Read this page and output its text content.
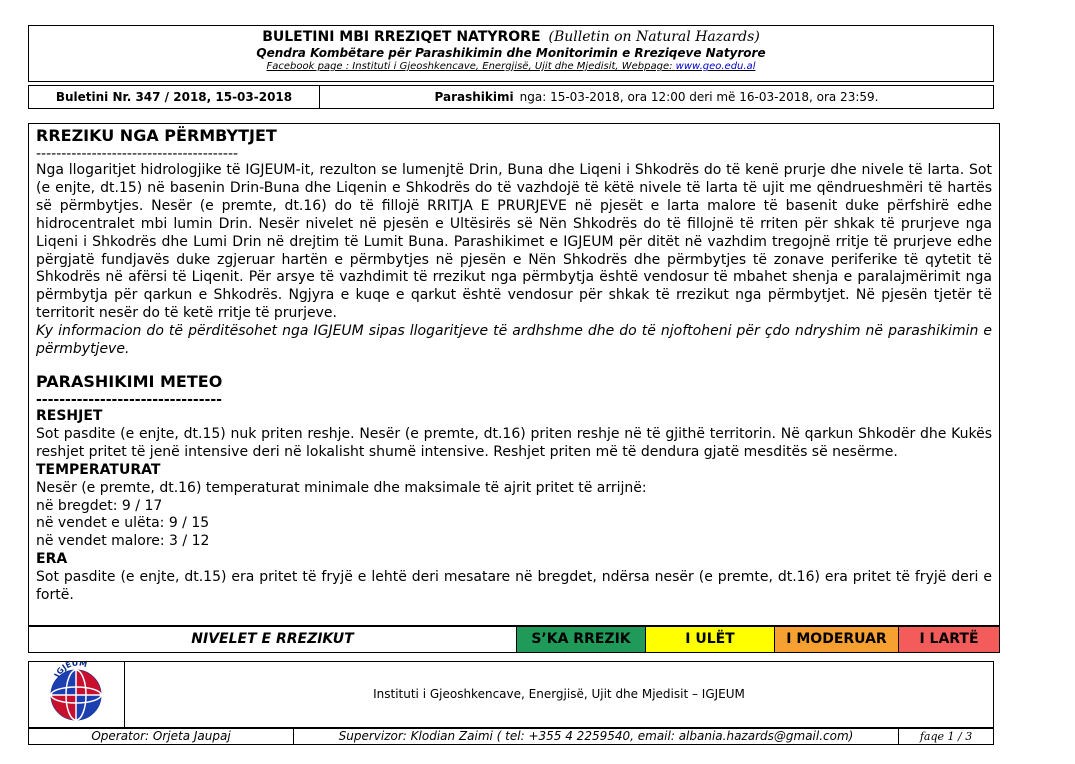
BULETINI MBI RREZIQET NATYRORE (Bulletin on Natural Hazards)
Qendra Kombëtare për Parashikimin dhe Monitorimin e Rreziqeve Natyrore
Facebook page : Instituti i Gjeoshkencave, Energjisë, Ujit dhe Mjedisit, Webpage: www.geo.edu.al
Buletini Nr. 347 / 2018, 15-03-2018	Parashikimi nga: 15-03-2018, ora 12:00 deri më 16-03-2018, ora 23:59.

RREZIKU NGA PËRMBYTJET

----------------------------------------

Nga llogaritjet hidrologjike të IGJEUM-it, rezulton se lumenjtë Drin, Buna dhe Liqeni i Shkodrës do të kenë prurje dhe nivele të larta. Sot (e enjte, dt.15) në basenin Drin-Buna dhe Liqenin e Shkodrës do të vazhdojë të këtë nivele të larta të ujit me qëndrueshmëri të hartës së përmbytjes. Nesër (e premte, dt.16) do të fillojë RRITJA E PRURJEVE në pjesët e larta malore të basenit duke përfshirë edhe hidrocentralet mbi lumin Drin. Nesër nivelet në pjesën e Ultësirës së Nën Shkodrës do të fillojnë të rriten për shkak të prurjeve nga Liqeni i Shkodrës dhe Lumi Drin në drejtim të Lumit Buna. Parashikimet e IGJEUM për ditët në vazhdim tregojnë rritje të prurjeve edhe përgjatë fundjavës duke zgjeruar hartën e përmbytjes në pjesën e Nën Shkodrës dhe përmbytjes të zonave periferike të qytetit të Shkodrës në afërsi të Liqenit. Për arsye të vazhdimit të rrezikut nga përmbytja është vendosur të mbahet shenja e paralajmërimit nga përmbytja për qarkun e Shkodrës. Ngjyra e kuqe e qarkut është vendosur për shkak të rrezikut nga përmbytjet. Në pjesën tjetër të territorit nesër do të ketë rritje të prurjeve.

Ky informacion do të përditësohet nga IGJEUM sipas llogaritjeve të ardhshme dhe do të njoftoheni për çdo ndryshim në parashikimin e përmbytjeve.

PARASHIKIMI METEO

--------------------------------

RESHJET

Sot pasdite (e enjte, dt.15) nuk priten reshje. Nesër (e premte, dt.16) priten reshje në të gjithë territorin. Në qarkun Shkodër dhe Kukës reshjet pritet të jenë intensive deri në lokalisht shumë intensive. Reshjet priten më të dendura gjatë mesditës së nesërme.

TEMPERATURAT

Nesër (e premte, dt.16) temperaturat minimale dhe maksimale të ajrit pritet të arrijnë:

në bregdet: 9 / 17

në vendet e ulëta: 9 / 15

në vendet malore: 3 / 12

ERA

Sot pasdite (e enjte, dt.15) era pritet të fryjë e lehtë deri mesatare në bregdet, ndërsa nesër (e premte, dt.16) era pritet të fryjë deri e fortë.

NIVELET E RREZIKUT	S’KA RREZIK	I ULËT	I MODERUAR	I LARTË
IGJEUM
Instituti i Gjeoshkencave, Energjisë, Ujit dhe Mjedisit – IGJEUM
Operator: Orjeta Jaupaj	Supervizor: Klodian Zaimi ( tel: +355 4 2259540, email: albania.hazards@gmail.com)	faqe 1 / 3
